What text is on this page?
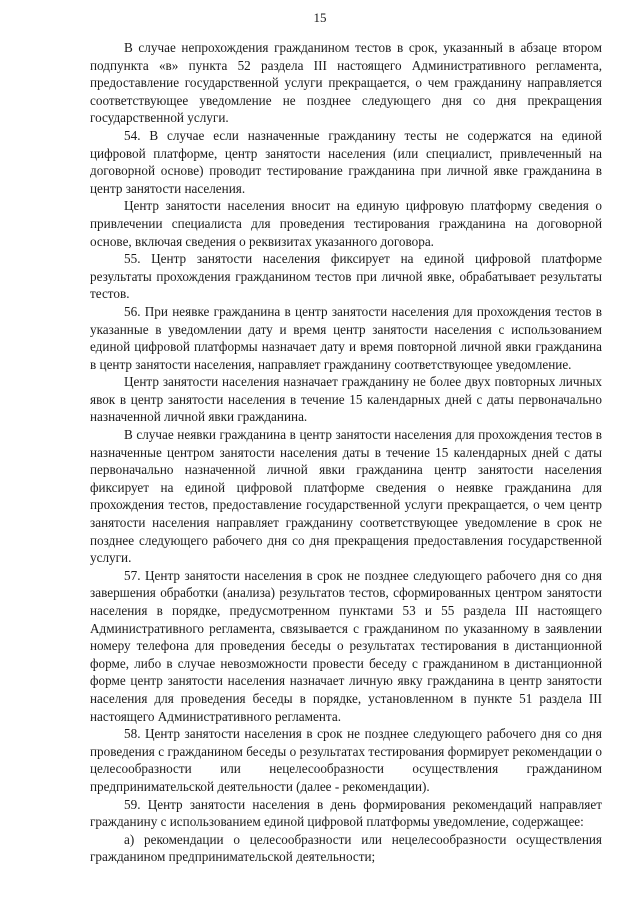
15

В случае непрохождения гражданином тестов в срок, указанный в абзаце втором подпункта «в» пункта 52 раздела III настоящего Административного регламента, предоставление государственной услуги прекращается, о чем гражданину направляется соответствующее уведомление не позднее следующего дня со дня прекращения государственной услуги.

54. В случае если назначенные гражданину тесты не содержатся на единой цифровой платформе, центр занятости населения (или специалист, привлеченный на договорной основе) проводит тестирование гражданина при личной явке гражданина в центр занятости населения.

Центр занятости населения вносит на единую цифровую платформу сведения о привлечении специалиста для проведения тестирования гражданина на договорной основе, включая сведения о реквизитах указанного договора.

55. Центр занятости населения фиксирует на единой цифровой платформе результаты прохождения гражданином тестов при личной явке, обрабатывает результаты тестов.

56. При неявке гражданина в центр занятости населения для прохождения тестов в указанные в уведомлении дату и время центр занятости населения с использованием единой цифровой платформы назначает дату и время повторной личной явки гражданина в центр занятости населения, направляет гражданину соответствующее уведомление.

Центр занятости населения назначает гражданину не более двух повторных личных явок в центр занятости населения в течение 15 календарных дней с даты первоначально назначенной личной явки гражданина.

В случае неявки гражданина в центр занятости населения для прохождения тестов в назначенные центром занятости населения даты в течение 15 календарных дней с даты первоначально назначенной личной явки гражданина центр занятости населения фиксирует на единой цифровой платформе сведения о неявке гражданина для прохождения тестов, предоставление государственной услуги прекращается, о чем центр занятости населения направляет гражданину соответствующее уведомление в срок не позднее следующего рабочего дня со дня прекращения предоставления государственной услуги.

57. Центр занятости населения в срок не позднее следующего рабочего дня со дня завершения обработки (анализа) результатов тестов, сформированных центром занятости населения в порядке, предусмотренном пунктами 53 и 55 раздела III настоящего Административного регламента, связывается с гражданином по указанному в заявлении номеру телефона для проведения беседы о результатах тестирования в дистанционной форме, либо в случае невозможности провести беседу с гражданином в дистанционной форме центр занятости населения назначает личную явку гражданина в центр занятости населения для проведения беседы в порядке, установленном в пункте 51 раздела III настоящего Административного регламента.

58. Центр занятости населения в срок не позднее следующего рабочего дня со дня проведения с гражданином беседы о результатах тестирования формирует рекомендации о целесообразности или нецелесообразности осуществления гражданином предпринимательской деятельности (далее - рекомендации).

59. Центр занятости населения в день формирования рекомендаций направляет гражданину с использованием единой цифровой платформы уведомление, содержащее:

а) рекомендации о целесообразности или нецелесообразности осуществления гражданином предпринимательской деятельности;
